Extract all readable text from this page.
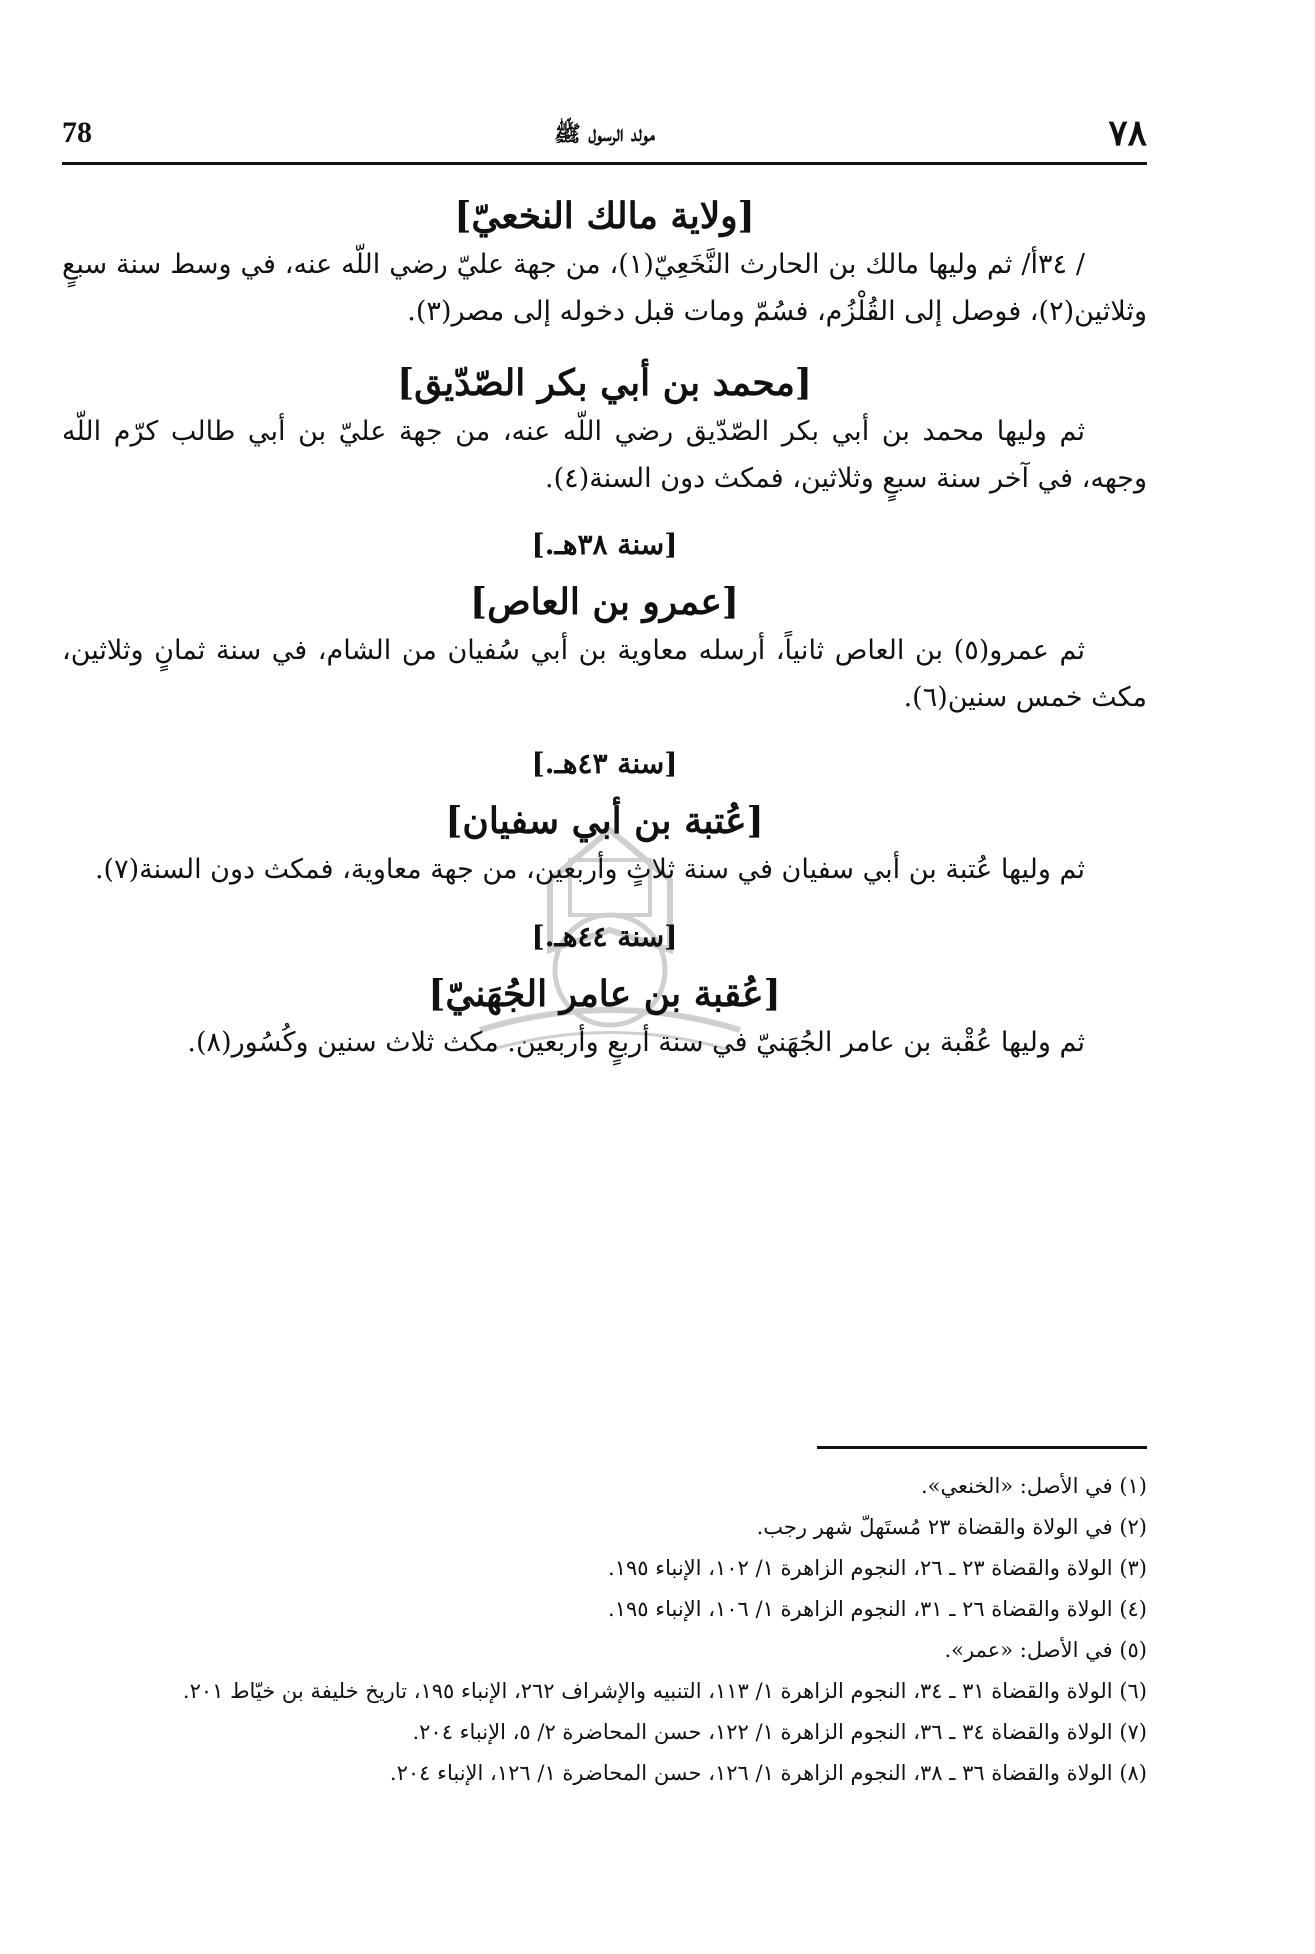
٧٨
مولد الرسول ﷺ
78
[ولاية مالك النخعيّ]

/ ٣٤أ/ ثم وليها مالك بن الحارث النَّخَعِيّ(١)، من جهة عليّ رضي اللّه عنه، في وسط سنة سبعٍ وثلاثين(٢)، فوصل إلى القُلْزُم، فسُمّ ومات قبل دخوله إلى مصر(٣).

[محمد بن أبي بكر الصّدّيق]

ثم وليها محمد بن أبي بكر الصّدّيق رضي اللّه عنه، من جهة عليّ بن أبي طالب كرّم اللّه وجهه، في آخر سنة سبعٍ وثلاثين، فمكث دون السنة(٤).

[سنة ٣٨هـ.]
[عمرو بن العاص]

ثم عمرو(٥) بن العاص ثانياً، أرسله معاوية بن أبي سُفيان من الشام، في سنة ثمانٍ وثلاثين، مكث خمس سنين(٦).

[سنة ٤٣هـ.]
[عُتبة بن أبي سفيان]

ثم وليها عُتبة بن أبي سفيان في سنة ثلاثٍ وأربعين، من جهة معاوية، فمكث دون السنة(٧).

[سنة ٤٤هـ.]
[عُقبة بن عامر الجُهَنيّ]

ثم وليها عُقْبة بن عامر الجُهَنيّ في سنة أربعٍ وأربعين. مكث ثلاث سنين وكُسُور(٨).

(١) في الأصل: «الخنعي».

(٢) في الولاة والقضاة ٢٣ مُستَهلّ شهر رجب.

(٣) الولاة والقضاة ٢٣ ـ ٢٦، النجوم الزاهرة ١/ ١٠٢، الإنباء ١٩٥.

(٤) الولاة والقضاة ٢٦ ـ ٣١، النجوم الزاهرة ١/ ١٠٦، الإنباء ١٩٥.

(٥) في الأصل: «عمر».

(٦) الولاة والقضاة ٣١ ـ ٣٤، النجوم الزاهرة ١/ ١١٣، التنبيه والإشراف ٢٦٢، الإنباء ١٩٥، تاريخ خليفة بن خيّاط ٢٠١.

(٧) الولاة والقضاة ٣٤ ـ ٣٦، النجوم الزاهرة ١/ ١٢٢، حسن المحاضرة ٢/ ٥، الإنباء ٢٠٤.

(٨) الولاة والقضاة ٣٦ ـ ٣٨، النجوم الزاهرة ١/ ١٢٦، حسن المحاضرة ١/ ١٢٦، الإنباء ٢٠٤.
